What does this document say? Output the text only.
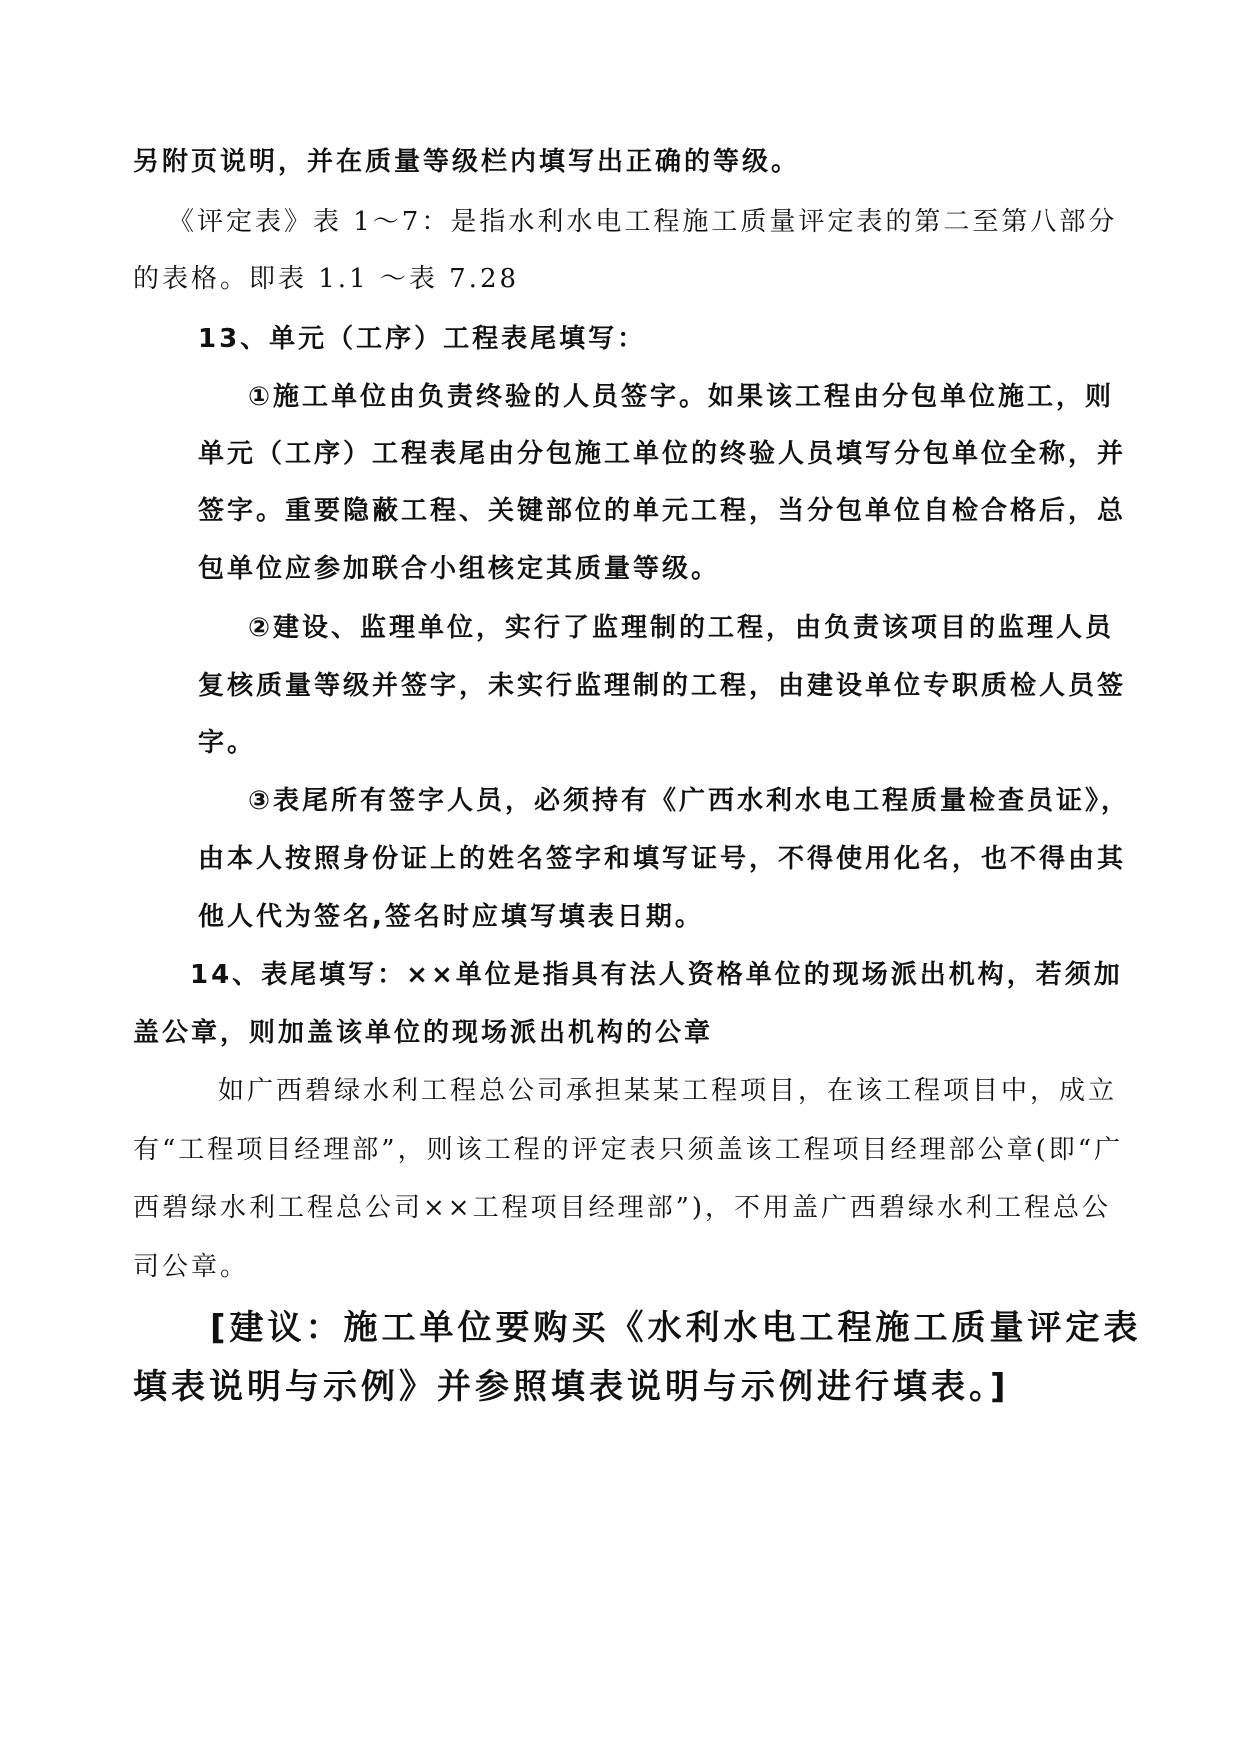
另附页说明，并在质量等级栏内填写出正确的等级。
《评定表》表 1～7：是指水利水电工程施工质量评定表的第二至第八部分
的表格。即表 1.1 ～表 7.28
13、单元（工序）工程表尾填写：
①施工单位由负责终验的人员签字。如果该工程由分包单位施工，则
单元（工序）工程表尾由分包施工单位的终验人员填写分包单位全称，并
签字。重要隐蔽工程、关键部位的单元工程，当分包单位自检合格后，总
包单位应参加联合小组核定其质量等级。
②建设、监理单位，实行了监理制的工程，由负责该项目的监理人员
复核质量等级并签字，未实行监理制的工程，由建设单位专职质检人员签
字。
③表尾所有签字人员，必须持有《广西水利水电工程质量检查员证》，
由本人按照身份证上的姓名签字和填写证号，不得使用化名，也不得由其
他人代为签名,签名时应填写填表日期。
14、表尾填写：××单位是指具有法人资格单位的现场派出机构，若须加
盖公章，则加盖该单位的现场派出机构的公章
如广西碧绿水利工程总公司承担某某工程项目，在该工程项目中，成立
有“工程项目经理部”，则该工程的评定表只须盖该工程项目经理部公章(即“广
西碧绿水利工程总公司××工程项目经理部”)，不用盖广西碧绿水利工程总公
司公章。
[建议：施工单位要购买《水利水电工程施工质量评定表
填表说明与示例》并参照填表说明与示例进行填表。]
